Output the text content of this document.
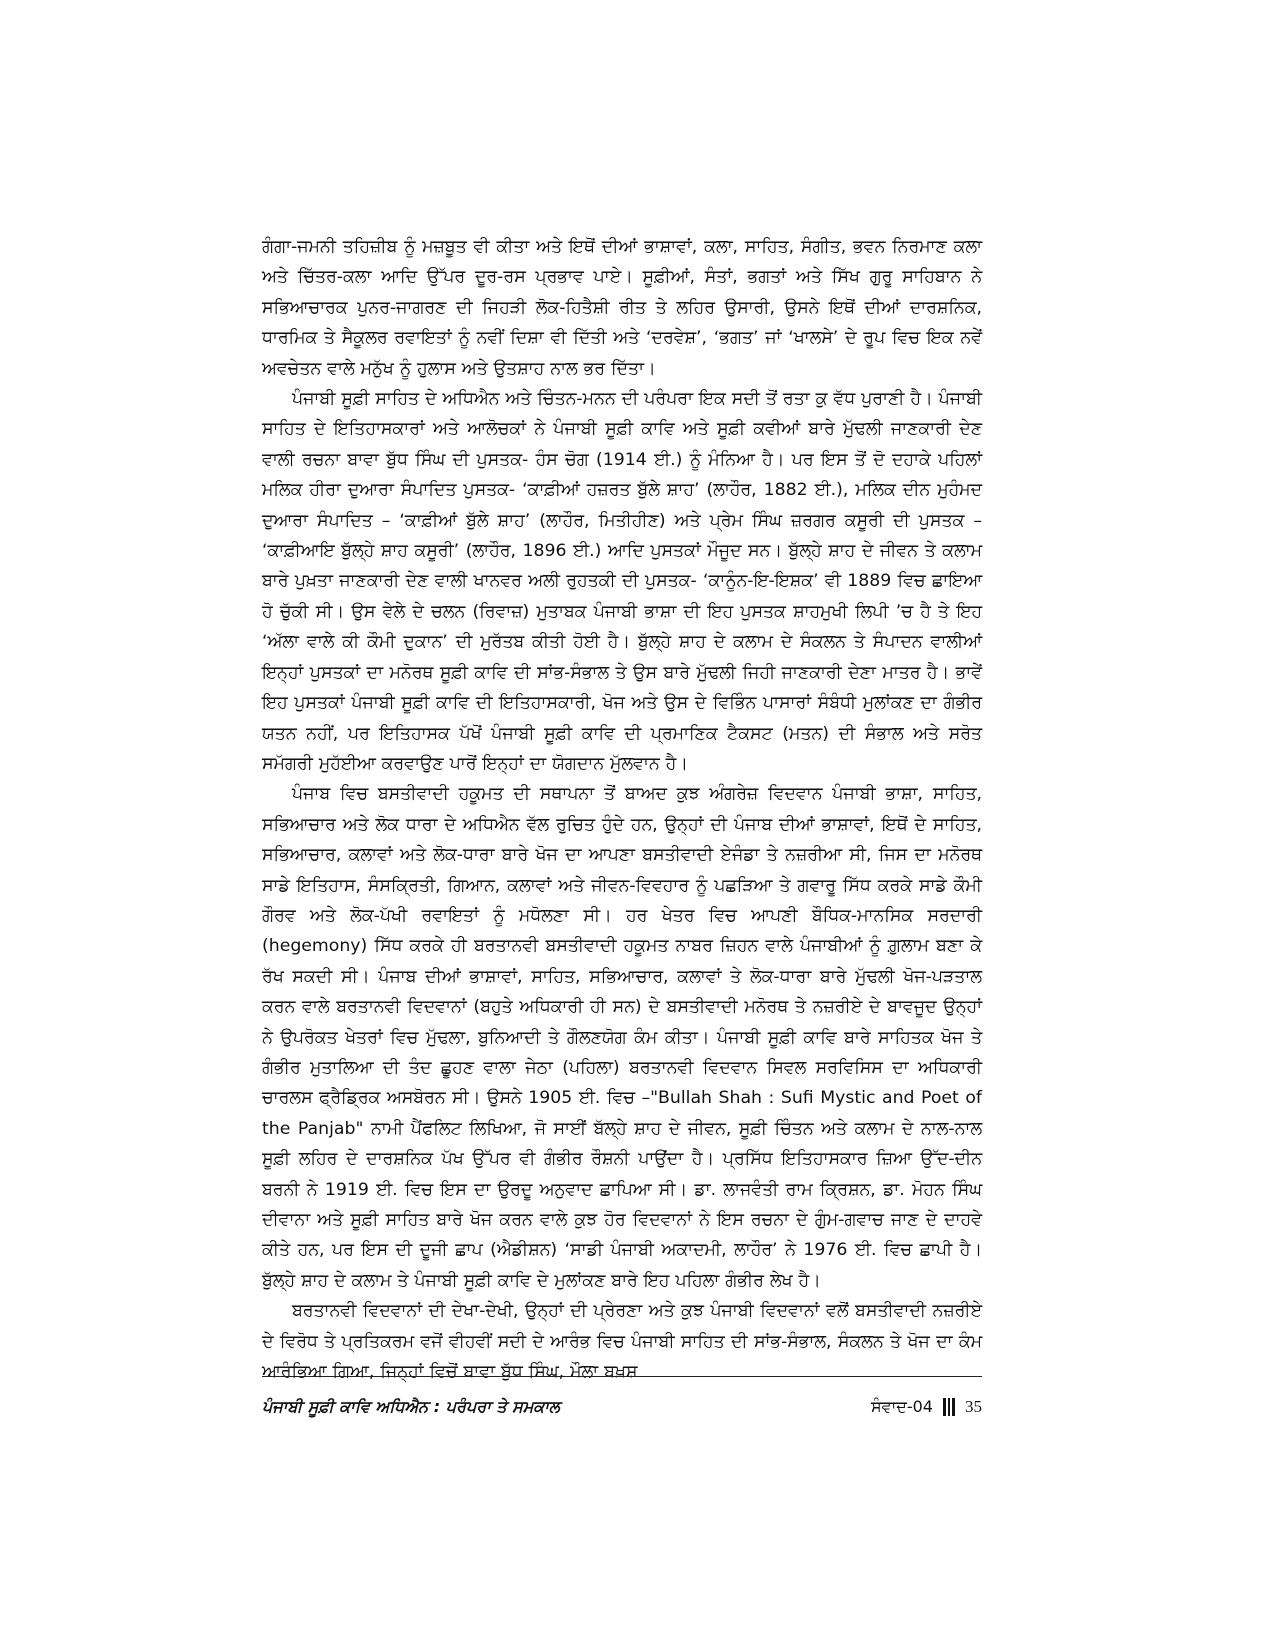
ਗੰਗਾ-ਜਮਨੀ ਤਹਿਜ਼ੀਬ ਨੂੰ ਮਜ਼ਬੂਤ ਵੀ ਕੀਤਾ ਅਤੇ ਇਥੋਂ ਦੀਆਂ ਭਾਸ਼ਾਵਾਂ, ਕਲਾ, ਸਾਹਿਤ, ਸੰਗੀਤ, ਭਵਨ ਨਿਰਮਾਣ ਕਲਾ ਅਤੇ ਚਿੱਤਰ-ਕਲਾ ਆਦਿ ਉੱਪਰ ਦੂਰ-ਰਸ ਪ੍ਰਭਾਵ ਪਾਏ। ਸੂਫ਼ੀਆਂ, ਸੰਤਾਂ, ਭਗਤਾਂ ਅਤੇ ਸਿੱਖ ਗੁਰੂ ਸਾਹਿਬਾਨ ਨੇ ਸਭਿਆਚਾਰਕ ਪੁਨਰ-ਜਾਗਰਣ ਦੀ ਜਿਹੜੀ ਲੋਕ-ਹਿਤੈਸ਼ੀ ਰੀਤ ਤੇ ਲਹਿਰ ਉਸਾਰੀ, ਉਸਨੇ ਇਥੋਂ ਦੀਆਂ ਦਾਰਸ਼ਨਿਕ, ਧਾਰਮਿਕ ਤੇ ਸੈਕੂਲਰ ਰਵਾਇਤਾਂ ਨੂੰ ਨਵੀਂ ਦਿਸ਼ਾ ਵੀ ਦਿੱਤੀ ਅਤੇ ‘ਦਰਵੇਸ਼’, ‘ਭਗਤ’ ਜਾਂ ‘ਖਾਲਸੇ’ ਦੇ ਰੂਪ ਵਿਚ ਇਕ ਨਵੇਂ ਅਵਚੇਤਨ ਵਾਲੇ ਮਨੁੱਖ ਨੂੰ ਹੁਲਾਸ ਅਤੇ ਉਤਸ਼ਾਹ ਨਾਲ ਭਰ ਦਿੱਤਾ।

ਪੰਜਾਬੀ ਸੂਫ਼ੀ ਸਾਹਿਤ ਦੇ ਅਧਿਐਨ ਅਤੇ ਚਿੰਤਨ-ਮਨਨ ਦੀ ਪਰੰਪਰਾ ਇਕ ਸਦੀ ਤੋਂ ਰਤਾ ਕੁ ਵੱਧ ਪੁਰਾਣੀ ਹੈ। ਪੰਜਾਬੀ ਸਾਹਿਤ ਦੇ ਇਤਿਹਾਸਕਾਰਾਂ ਅਤੇ ਆਲੋਚਕਾਂ ਨੇ ਪੰਜਾਬੀ ਸੂਫ਼ੀ ਕਾਵਿ ਅਤੇ ਸੂਫ਼ੀ ਕਵੀਆਂ ਬਾਰੇ ਮੁੱਢਲੀ ਜਾਣਕਾਰੀ ਦੇਣ ਵਾਲੀ ਰਚਨਾ ਬਾਵਾ ਬੁੱਧ ਸਿੰਘ ਦੀ ਪੁਸਤਕ- ਹੰਸ ਚੋਗ (1914 ਈ.) ਨੂੰ ਮੰਨਿਆ ਹੈ। ਪਰ ਇਸ ਤੋਂ ਦੋ ਦਹਾਕੇ ਪਹਿਲਾਂ ਮਲਿਕ ਹੀਰਾ ਦੁਆਰਾ ਸੰਪਾਦਿਤ ਪੁਸਤਕ- ‘ਕਾਫ਼ੀਆਂ ਹਜ਼ਰਤ ਬੁੱਲੇ ਸ਼ਾਹ’ (ਲਾਹੌਰ, 1882 ਈ.), ਮਲਿਕ ਦੀਨ ਮੁਹੰਮਦ ਦੁਆਰਾ ਸੰਪਾਦਿਤ – ‘ਕਾਫ਼ੀਆਂ ਬੁੱਲੇ ਸ਼ਾਹ’ (ਲਾਹੌਰ, ਮਿਤੀਹੀਣ) ਅਤੇ ਪ੍ਰੇਮ ਸਿੰਘ ਜ਼ਰਗਰ ਕਸੂਰੀ ਦੀ ਪੁਸਤਕ – ‘ਕਾਫ਼ੀਆਇ ਬੁੱਲ੍ਹੇ ਸ਼ਾਹ ਕਸੂਰੀ’ (ਲਾਹੌਰ, 1896 ਈ.) ਆਦਿ ਪੁਸਤਕਾਂ ਮੌਜੂਦ ਸਨ। ਬੁੱਲ੍ਹੇ ਸ਼ਾਹ ਦੇ ਜੀਵਨ ਤੇ ਕਲਾਮ ਬਾਰੇ ਪੁਖ਼ਤਾ ਜਾਣਕਾਰੀ ਦੇਣ ਵਾਲੀ ਖਾਨਵਰ ਅਲੀ ਰੁਹਤਕੀ ਦੀ ਪੁਸਤਕ- ‘ਕਾਨੂੰਨ-ਇ-ਇਸ਼ਕ’ ਵੀ 1889 ਵਿਚ ਛਾਇਆ ਹੋ ਚੁੱਕੀ ਸੀ। ਉਸ ਵੇਲੇ ਦੇ ਚਲਨ (ਰਿਵਾਜ਼) ਮੁਤਾਬਕ ਪੰਜਾਬੀ ਭਾਸ਼ਾ ਦੀ ਇਹ ਪੁਸਤਕ ਸ਼ਾਹਮੁਖੀ ਲਿਪੀ ’ਚ ਹੈ ਤੇ ਇਹ ‘ਅੱਲਾ ਵਾਲੇ ਕੀ ਕੌਮੀ ਦੁਕਾਨ’ ਦੀ ਮੁਰੱਤਬ ਕੀਤੀ ਹੋਈ ਹੈ। ਬੁੱਲ੍ਹੇ ਸ਼ਾਹ ਦੇ ਕਲਾਮ ਦੇ ਸੰਕਲਨ ਤੇ ਸੰਪਾਦਨ ਵਾਲੀਆਂ ਇਨ੍ਹਾਂ ਪੁਸਤਕਾਂ ਦਾ ਮਨੋਰਥ ਸੂਫ਼ੀ ਕਾਵਿ ਦੀ ਸਾਂਭ-ਸੰਭਾਲ ਤੇ ਉਸ ਬਾਰੇ ਮੁੱਢਲੀ ਜਿਹੀ ਜਾਣਕਾਰੀ ਦੇਣਾ ਮਾਤਰ ਹੈ। ਭਾਵੇਂ ਇਹ ਪੁਸਤਕਾਂ ਪੰਜਾਬੀ ਸੂਫ਼ੀ ਕਾਵਿ ਦੀ ਇਤਿਹਾਸਕਾਰੀ, ਖੋਜ ਅਤੇ ਉਸ ਦੇ ਵਿਭਿੰਨ ਪਾਸਾਰਾਂ ਸੰਬੰਧੀ ਮੁਲਾਂਕਣ ਦਾ ਗੰਭੀਰ ਯਤਨ ਨਹੀਂ, ਪਰ ਇਤਿਹਾਸਕ ਪੱਖੋਂ ਪੰਜਾਬੀ ਸੂਫ਼ੀ ਕਾਵਿ ਦੀ ਪ੍ਰਮਾਣਿਕ ਟੈਕਸਟ (ਮਤਨ) ਦੀ ਸੰਭਾਲ ਅਤੇ ਸਰੋਤ ਸਮੱਗਰੀ ਮੁਹੱਈਆ ਕਰਵਾਉਣ ਪਾਰੋਂ ਇਨ੍ਹਾਂ ਦਾ ਯੋਗਦਾਨ ਮੁੱਲਵਾਨ ਹੈ।

ਪੰਜਾਬ ਵਿਚ ਬਸਤੀਵਾਦੀ ਹਕੂਮਤ ਦੀ ਸਥਾਪਨਾ ਤੋਂ ਬਾਅਦ ਕੁਝ ਅੰਗਰੇਜ਼ ਵਿਦਵਾਨ ਪੰਜਾਬੀ ਭਾਸ਼ਾ, ਸਾਹਿਤ, ਸਭਿਆਚਾਰ ਅਤੇ ਲੋਕ ਧਾਰਾ ਦੇ ਅਧਿਐਨ ਵੱਲ ਰੁਚਿਤ ਹੁੰਦੇ ਹਨ, ਉਨ੍ਹਾਂ ਦੀ ਪੰਜਾਬ ਦੀਆਂ ਭਾਸ਼ਾਵਾਂ, ਇਥੋਂ ਦੇ ਸਾਹਿਤ, ਸਭਿਆਚਾਰ, ਕਲਾਵਾਂ ਅਤੇ ਲੋਕ-ਧਾਰਾ ਬਾਰੇ ਖੋਜ ਦਾ ਆਪਣਾ ਬਸਤੀਵਾਦੀ ਏਜੰਡਾ ਤੇ ਨਜ਼ਰੀਆ ਸੀ, ਜਿਸ ਦਾ ਮਨੋਰਥ ਸਾਡੇ ਇਤਿਹਾਸ, ਸੰਸਕ੍ਰਿਤੀ, ਗਿਆਨ, ਕਲਾਵਾਂ ਅਤੇ ਜੀਵਨ-ਵਿਵਹਾਰ ਨੂੰ ਪਛੜਿਆ ਤੇ ਗਵਾਰੂ ਸਿੱਧ ਕਰਕੇ ਸਾਡੇ ਕੌਮੀ ਗੌਰਵ ਅਤੇ ਲੋਕ-ਪੱਖੀ ਰਵਾਇਤਾਂ ਨੂੰ ਮਧੋਲਣਾ ਸੀ। ਹਰ ਖੇਤਰ ਵਿਚ ਆਪਣੀ ਬੌਧਿਕ-ਮਾਨਸਿਕ ਸਰਦਾਰੀ (hegemony) ਸਿੱਧ ਕਰਕੇ ਹੀ ਬਰਤਾਨਵੀ ਬਸਤੀਵਾਦੀ ਹਕੂਮਤ ਨਾਬਰ ਜ਼ਿਹਨ ਵਾਲੇ ਪੰਜਾਬੀਆਂ ਨੂੰ ਗ਼ੁਲਾਮ ਬਣਾ ਕੇ ਰੱਖ ਸਕਦੀ ਸੀ। ਪੰਜਾਬ ਦੀਆਂ ਭਾਸ਼ਾਵਾਂ, ਸਾਹਿਤ, ਸਭਿਆਚਾਰ, ਕਲਾਵਾਂ ਤੇ ਲੋਕ-ਧਾਰਾ ਬਾਰੇ ਮੁੱਢਲੀ ਖੋਜ-ਪੜਤਾਲ ਕਰਨ ਵਾਲੇ ਬਰਤਾਨਵੀ ਵਿਦਵਾਨਾਂ (ਬਹੁਤੇ ਅਧਿਕਾਰੀ ਹੀ ਸਨ) ਦੇ ਬਸਤੀਵਾਦੀ ਮਨੋਰਥ ਤੇ ਨਜ਼ਰੀਏ ਦੇ ਬਾਵਜੂਦ ਉਨ੍ਹਾਂ ਨੇ ਉਪਰੋਕਤ ਖੇਤਰਾਂ ਵਿਚ ਮੁੱਢਲਾ, ਬੁਨਿਆਦੀ ਤੇ ਗੌਲਣਯੋਗ ਕੰਮ ਕੀਤਾ। ਪੰਜਾਬੀ ਸੂਫ਼ੀ ਕਾਵਿ ਬਾਰੇ ਸਾਹਿਤਕ ਖੋਜ ਤੇ ਗੰਭੀਰ ਮੁਤਾਲਿਆ ਦੀ ਤੰਦ ਛੂਹਣ ਵਾਲਾ ਜੇਠਾ (ਪਹਿਲਾ) ਬਰਤਾਨਵੀ ਵਿਦਵਾਨ ਸਿਵਲ ਸਰਵਿਸਿਸ ਦਾ ਅਧਿਕਾਰੀ ਚਾਰਲਸ ਫ੍ਰੈਡ੍ਰਿਕ ਅਸਬੋਰਨ ਸੀ। ਉਸਨੇ 1905 ਈ. ਵਿਚ –"Bullah Shah : Sufi Mystic and Poet of the Panjab" ਨਾਮੀ ਪੈਂਫਲਿਟ ਲਿਖਿਆ, ਜੋ ਸਾਈਂ ਬੱਲ੍ਹੇ ਸ਼ਾਹ ਦੇ ਜੀਵਨ, ਸੂਫ਼ੀ ਚਿੰਤਨ ਅਤੇ ਕਲਾਮ ਦੇ ਨਾਲ-ਨਾਲ ਸੂਫ਼ੀ ਲਹਿਰ ਦੇ ਦਾਰਸ਼ਨਿਕ ਪੱਖ ਉੱਪਰ ਵੀ ਗੰਭੀਰ ਰੌਸ਼ਨੀ ਪਾਉਂਦਾ ਹੈ। ਪ੍ਰਸਿੱਧ ਇਤਿਹਾਸਕਾਰ ਜ਼ਿਆ ਉੱਦ-ਦੀਨ ਬਰਨੀ ਨੇ 1919 ਈ. ਵਿਚ ਇਸ ਦਾ ਉਰਦੂ ਅਨੁਵਾਦ ਛਾਪਿਆ ਸੀ। ਡਾ. ਲਾਜਵੰਤੀ ਰਾਮ ਕ੍ਰਿਸ਼ਨ, ਡਾ. ਮੋਹਨ ਸਿੰਘ ਦੀਵਾਨਾ ਅਤੇ ਸੂਫ਼ੀ ਸਾਹਿਤ ਬਾਰੇ ਖੋਜ ਕਰਨ ਵਾਲੇ ਕੁਝ ਹੋਰ ਵਿਦਵਾਨਾਂ ਨੇ ਇਸ ਰਚਨਾ ਦੇ ਗੁੰਮ-ਗਵਾਚ ਜਾਣ ਦੇ ਦਾਹਵੇ ਕੀਤੇ ਹਨ, ਪਰ ਇਸ ਦੀ ਦੂਜੀ ਛਾਪ (ਐਡੀਸ਼ਨ) ‘ਸਾਡੀ ਪੰਜਾਬੀ ਅਕਾਦਮੀ, ਲਾਹੌਰ’ ਨੇ 1976 ਈ. ਵਿਚ ਛਾਪੀ ਹੈ। ਬੁੱਲ੍ਹੇ ਸ਼ਾਹ ਦੇ ਕਲਾਮ ਤੇ ਪੰਜਾਬੀ ਸੂਫ਼ੀ ਕਾਵਿ ਦੇ ਮੁਲਾਂਕਣ ਬਾਰੇ ਇਹ ਪਹਿਲਾ ਗੰਭੀਰ ਲੇਖ ਹੈ।

ਬਰਤਾਨਵੀ ਵਿਦਵਾਨਾਂ ਦੀ ਦੇਖਾ-ਦੇਖੀ, ਉਨ੍ਹਾਂ ਦੀ ਪ੍ਰੇਰਣਾ ਅਤੇ ਕੁਝ ਪੰਜਾਬੀ ਵਿਦਵਾਨਾਂ ਵਲੋਂ ਬਸਤੀਵਾਦੀ ਨਜ਼ਰੀਏ ਦੇ ਵਿਰੋਧ ਤੇ ਪ੍ਰਤਿਕਰਮ ਵਜੋਂ ਵੀਹਵੀਂ ਸਦੀ ਦੇ ਆਰੰਭ ਵਿਚ ਪੰਜਾਬੀ ਸਾਹਿਤ ਦੀ ਸਾਂਭ-ਸੰਭਾਲ, ਸੰਕਲਨ ਤੇ ਖੋਜ ਦਾ ਕੰਮ ਆਰੰਭਿਆ ਗਿਆ, ਜਿਨ੍ਹਾਂ ਵਿਚੋਂ ਬਾਵਾ ਬੁੱਧ ਸਿੰਘ, ਮੌਲਾ ਬਖ਼ਸ਼

ਪੰਜਾਬੀ ਸੂਫ਼ੀ ਕਾਵਿ ਅਧਿਐਨ : ਪਰੰਪਰਾ ਤੇ ਸਮਕਾਲ	ਸੰਵਾਦ-04 35
